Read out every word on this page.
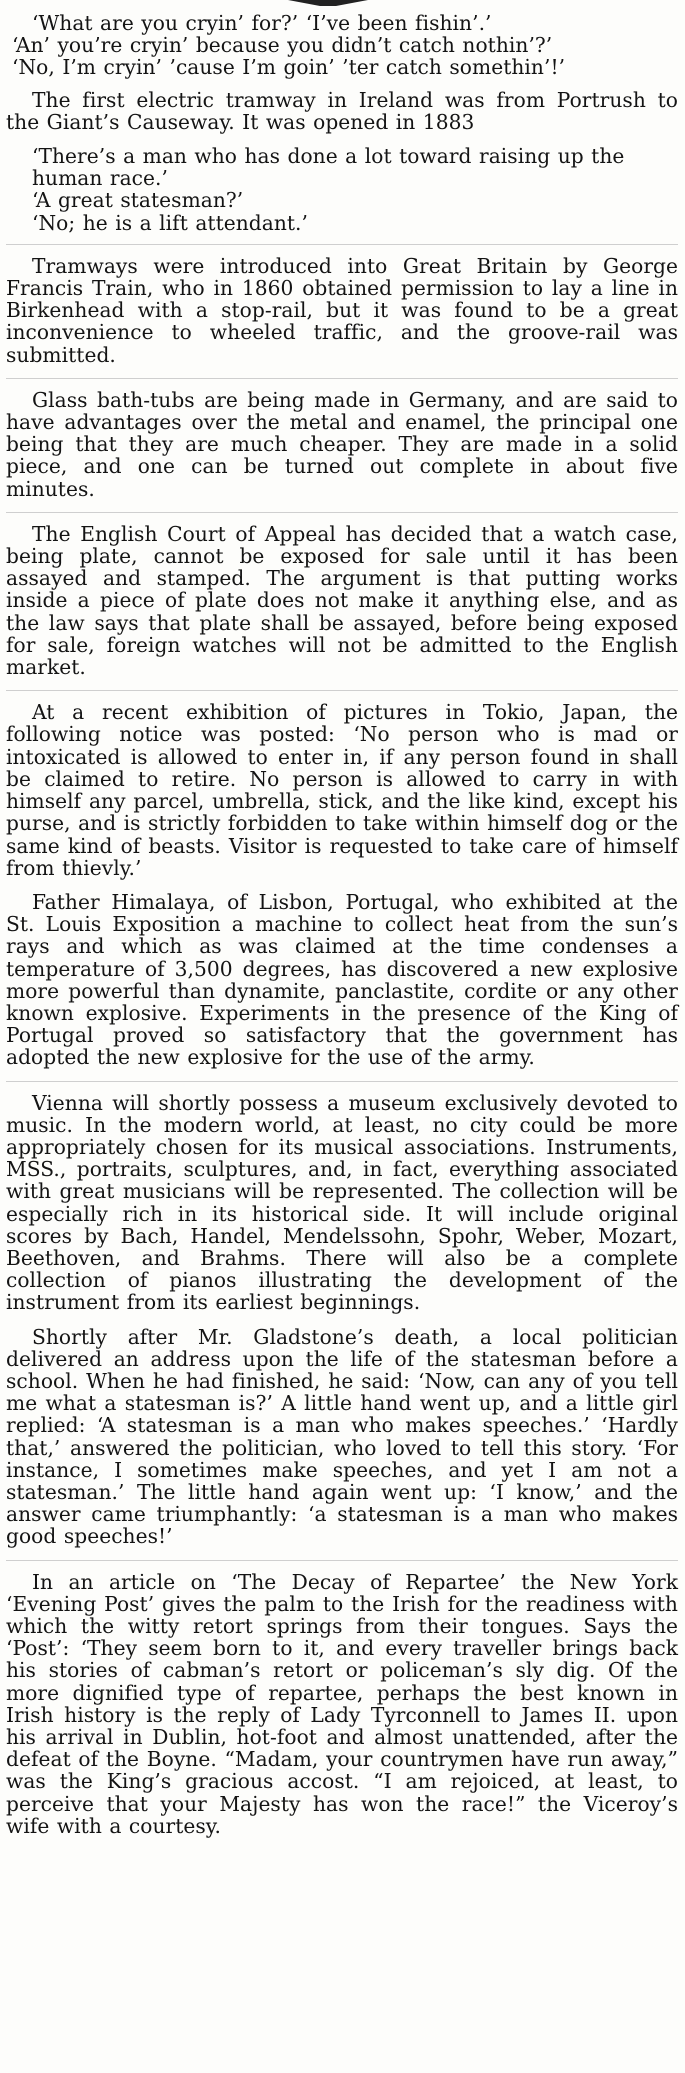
‘What are you cryin’ for?’ ‘I’ve been fishin’.’
‘An’ you’re cryin’ because you didn’t catch nothin’?’
‘No, I’m cryin’ ’cause I’m goin’ ’ter catch somethin’!’

The first electric tramway in Ireland was from Portrush to the Giant’s Causeway. It was opened in 1883

‘There’s a man who has done a lot toward raising up the human race.’
‘A great statesman?’
‘No; he is a lift attendant.’

Tramways were introduced into Great Britain by George Francis Train, who in 1860 obtained permission to lay a line in Birkenhead with a stop-rail, but it was found to be a great inconvenience to wheeled traffic, and the groove-rail was submitted.

Glass bath-tubs are being made in Germany, and are said to have advantages over the metal and enamel, the principal one being that they are much cheaper. They are made in a solid piece, and one can be turned out complete in about five minutes.

The English Court of Appeal has decided that a watch case, being plate, cannot be exposed for sale until it has been assayed and stamped. The argument is that putting works inside a piece of plate does not make it anything else, and as the law says that plate shall be assayed, before being exposed for sale, foreign watches will not be admitted to the English market.

At a recent exhibition of pictures in Tokio, Japan, the following notice was posted: ‘No person who is mad or intoxicated is allowed to enter in, if any person found in shall be claimed to retire. No person is allowed to carry in with himself any parcel, umbrella, stick, and the like kind, except his purse, and is strictly forbidden to take within himself dog or the same kind of beasts. Visitor is requested to take care of himself from thievly.’

Father Himalaya, of Lisbon, Portugal, who exhibited at the St. Louis Exposition a machine to collect heat from the sun’s rays and which as was claimed at the time condenses a temperature of 3,500 degrees, has discovered a new explosive more powerful than dynamite, panclastite, cordite or any other known explosive. Experiments in the presence of the King of Portugal proved so satisfactory that the government has adopted the new explosive for the use of the army.

Vienna will shortly possess a museum exclusively devoted to music. In the modern world, at least, no city could be more appropriately chosen for its musical associations. Instruments, MSS., portraits, sculptures, and, in fact, everything associated with great musicians will be represented. The collection will be especially rich in its historical side. It will include original scores by Bach, Handel, Mendelssohn, Spohr, Weber, Mozart, Beethoven, and Brahms. There will also be a complete collection of pianos illustrating the development of the instrument from its earliest beginnings.

Shortly after Mr. Gladstone’s death, a local politician delivered an address upon the life of the statesman before a school. When he had finished, he said: ‘Now, can any of you tell me what a statesman is?’ A little hand went up, and a little girl replied: ‘A statesman is a man who makes speeches.’ ‘Hardly that,’ answered the politician, who loved to tell this story. ‘For instance, I sometimes make speeches, and yet I am not a statesman.’ The little hand again went up: ‘I know,’ and the answer came triumphantly: ‘a statesman is a man who makes good speeches!’

In an article on ‘The Decay of Repartee’ the New York ‘Evening Post’ gives the palm to the Irish for the readiness with which the witty retort springs from their tongues. Says the ‘Post’: ‘They seem born to it, and every traveller brings back his stories of cabman’s retort or policeman’s sly dig. Of the more dignified type of repartee, perhaps the best known in Irish history is the reply of Lady Tyrconnell to James II. upon his arrival in Dublin, hot-foot and almost unattended, after the defeat of the Boyne. “Madam, your countrymen have run away,” was the King’s gracious accost. “I am rejoiced, at least, to perceive that your Majesty has won the race!” the Viceroy’s wife with a courtesy.
